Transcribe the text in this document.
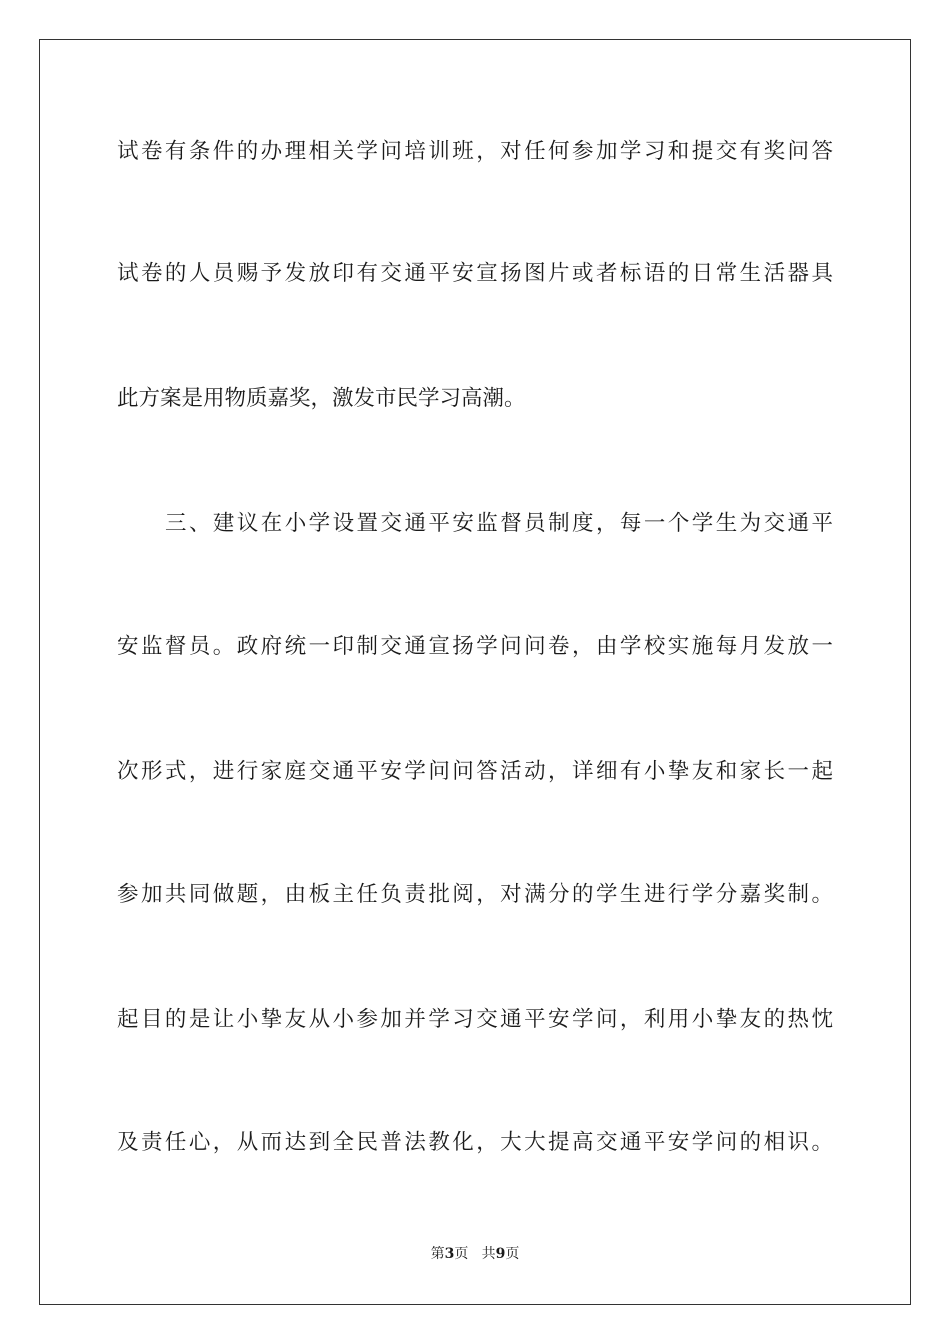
试卷有条件的办理相关学问培训班，对任何参加学习和提交有奖问答
试卷的人员赐予发放印有交通平安宣扬图片或者标语的日常生活器具
此方案是用物质嘉奖，激发市民学习高潮。
三、建议在小学设置交通平安监督员制度，每一个学生为交通平
安监督员。政府统一印制交通宣扬学问问卷，由学校实施每月发放一
次形式，进行家庭交通平安学问问答活动，详细有小挚友和家长一起
参加共同做题，由板主任负责批阅，对满分的学生进行学分嘉奖制。
起目的是让小挚友从小参加并学习交通平安学问，利用小挚友的热忱
及责任心，从而达到全民普法教化，大大提高交通平安学问的相识。
第3页 共9页
